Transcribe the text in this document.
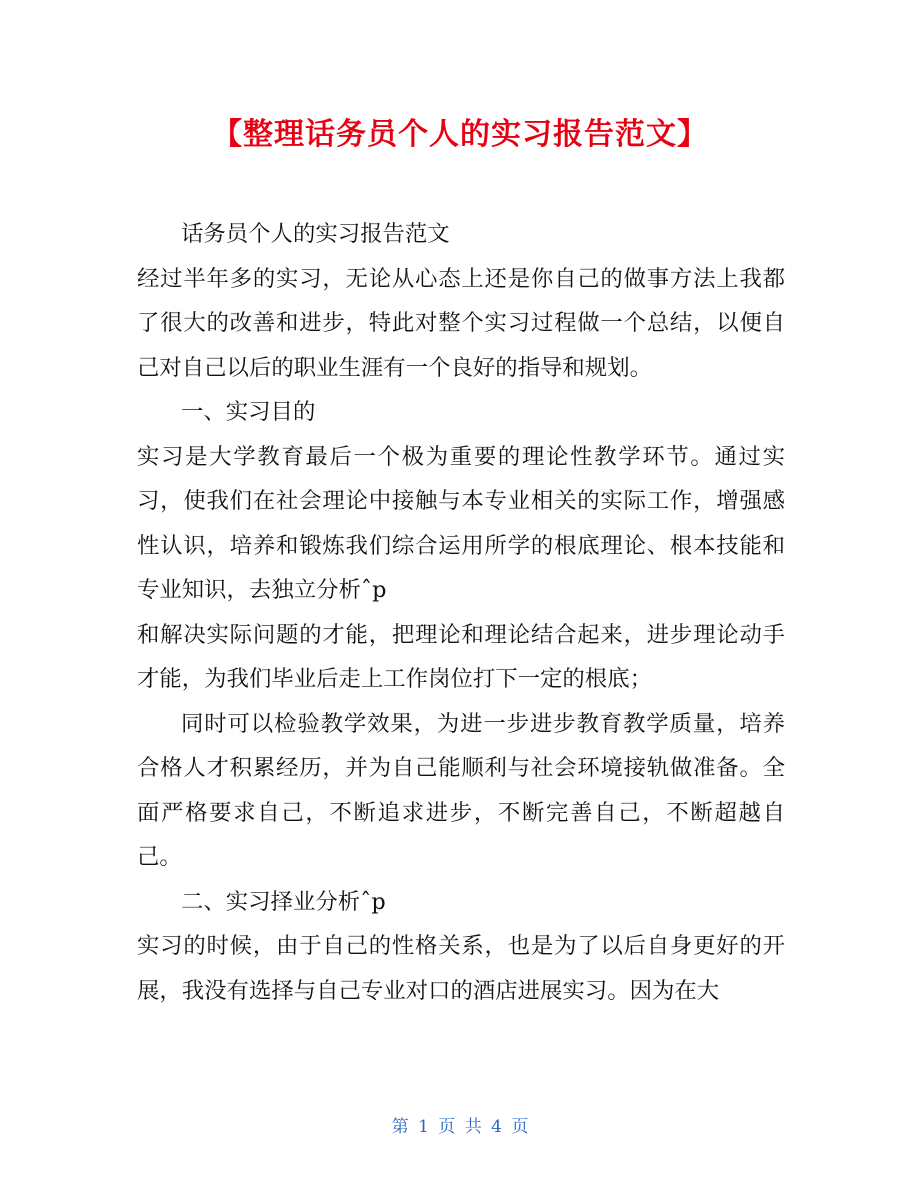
【整理话务员个人的实习报告范文】

话务员个人的实习报告范文

经过半年多的实习，无论从心态上还是你自己的做事方法上我都了很大的改善和进步，特此对整个实习过程做一个总结，以便自己对自己以后的职业生涯有一个良好的指导和规划。

一、实习目的

实习是大学教育最后一个极为重要的理论性教学环节。通过实习，使我们在社会理论中接触与本专业相关的实际工作，增强感性认识，培养和锻炼我们综合运用所学的根底理论、根本技能和专业知识，去独立分析ˆp

和解决实际问题的才能，把理论和理论结合起来，进步理论动手才能，为我们毕业后走上工作岗位打下一定的根底；

同时可以检验教学效果，为进一步进步教育教学质量，培养合格人才积累经历，并为自己能顺利与社会环境接轨做准备。全面严格要求自己，不断追求进步，不断完善自己，不断超越自己。

二、实习择业分析ˆp

实习的时候，由于自己的性格关系，也是为了以后自身更好的开展，我没有选择与自己专业对口的酒店进展实习。因为在大

第 1 页 共 4 页
